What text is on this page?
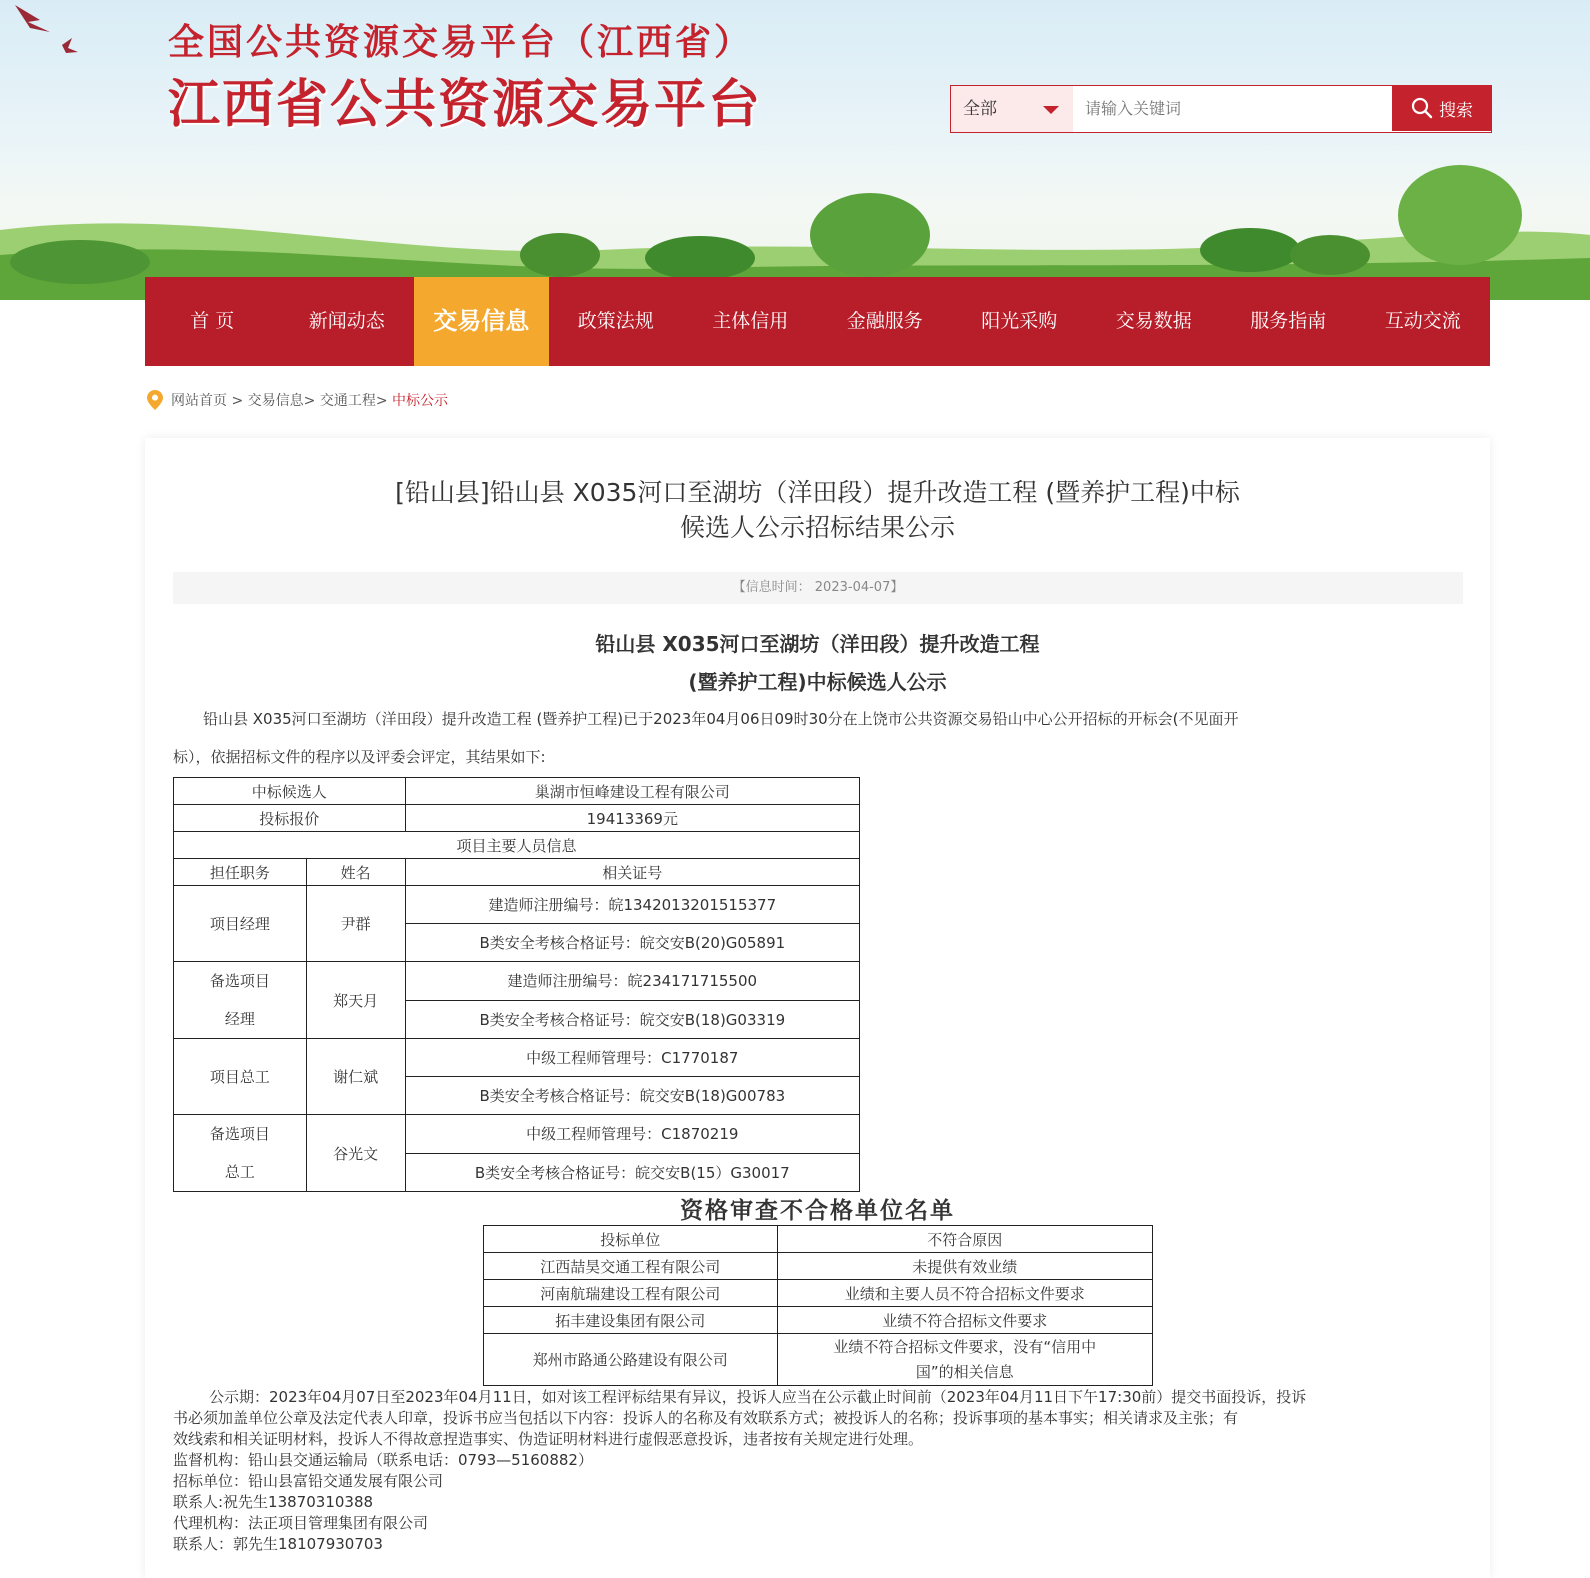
全国公共资源交易平台（江西省）
江西省公共资源交易平台	全部
请输入关键词	搜索
首 页	新闻动态	交易信息	政策法规	主体信用	金融服务	阳光采购	交易数据	服务指南	互动交流
网站首页 > 交易信息> 交通工程> 中标公示
[铅山县]铅山县 X035河口至湖坊（洋田段）提升改造工程 (暨养护工程)中标
候选人公示招标结果公示
【信息时间： 2023-04-07】
铅山县 X035河口至湖坊（洋田段）提升改造工程
(暨养护工程)中标候选人公示
铅山县 X035河口至湖坊（洋田段）提升改造工程 (暨养护工程)已于2023年04月06日09时30分在上饶市公共资源交易铅山中心公开招标的开标会(不见面开
标），依据招标文件的程序以及评委会评定，其结果如下:
中标候选人		巢湖市恒峰建设工程有限公司
投标报价		19413369元
项目主要人员信息		
担任职务	姓名	相关证号

项目经理	尹群	建造师注册编号：皖1342013201515377
		B类安全考核合格证号：皖交安B(20)G05891

备选项目
经理	郑天月	建造师注册编号：皖234171715500
		B类安全考核合格证号：皖交安B(18)G03319

项目总工	谢仁斌	中级工程师管理号：C1770187
		B类安全考核合格证号：皖交安B(18)G00783

备选项目
总工	谷光文	中级工程师管理号：C1870219
		B类安全考核合格证号：皖交安B(15）G30017
资格审查不合格单位名单
投标单位	不符合原因
江西喆昊交通工程有限公司	未提供有效业绩

河南航瑞建设工程有限公司	业绩和主要人员不符合招标文件要求

拓丰建设集团有限公司	业绩不符合招标文件要求

郑州市路通公路建设有限公司	业绩不符合招标文件要求，没有“信用中
国”的相关信息

公示期：2023年04月07日至2023年04月11日，如对该工程评标结果有异议，投诉人应当在公示截止时间前（2023年04月11日下午17:30前）提交书面投诉，投诉

书必须加盖单位公章及法定代表人印章，投诉书应当包括以下内容：投诉人的名称及有效联系方式；被投诉人的名称；投诉事项的基本事实；相关请求及主张；有

效线索和相关证明材料，投诉人不得故意捏造事实、伪造证明材料进行虚假恶意投诉，违者按有关规定进行处理。

监督机构：铅山县交通运输局（联系电话：0793—5160882）

招标单位：铅山县富铅交通发展有限公司

联系人:祝先生13870310388

代理机构：法正项目管理集团有限公司

联系人：郭先生18107930703
